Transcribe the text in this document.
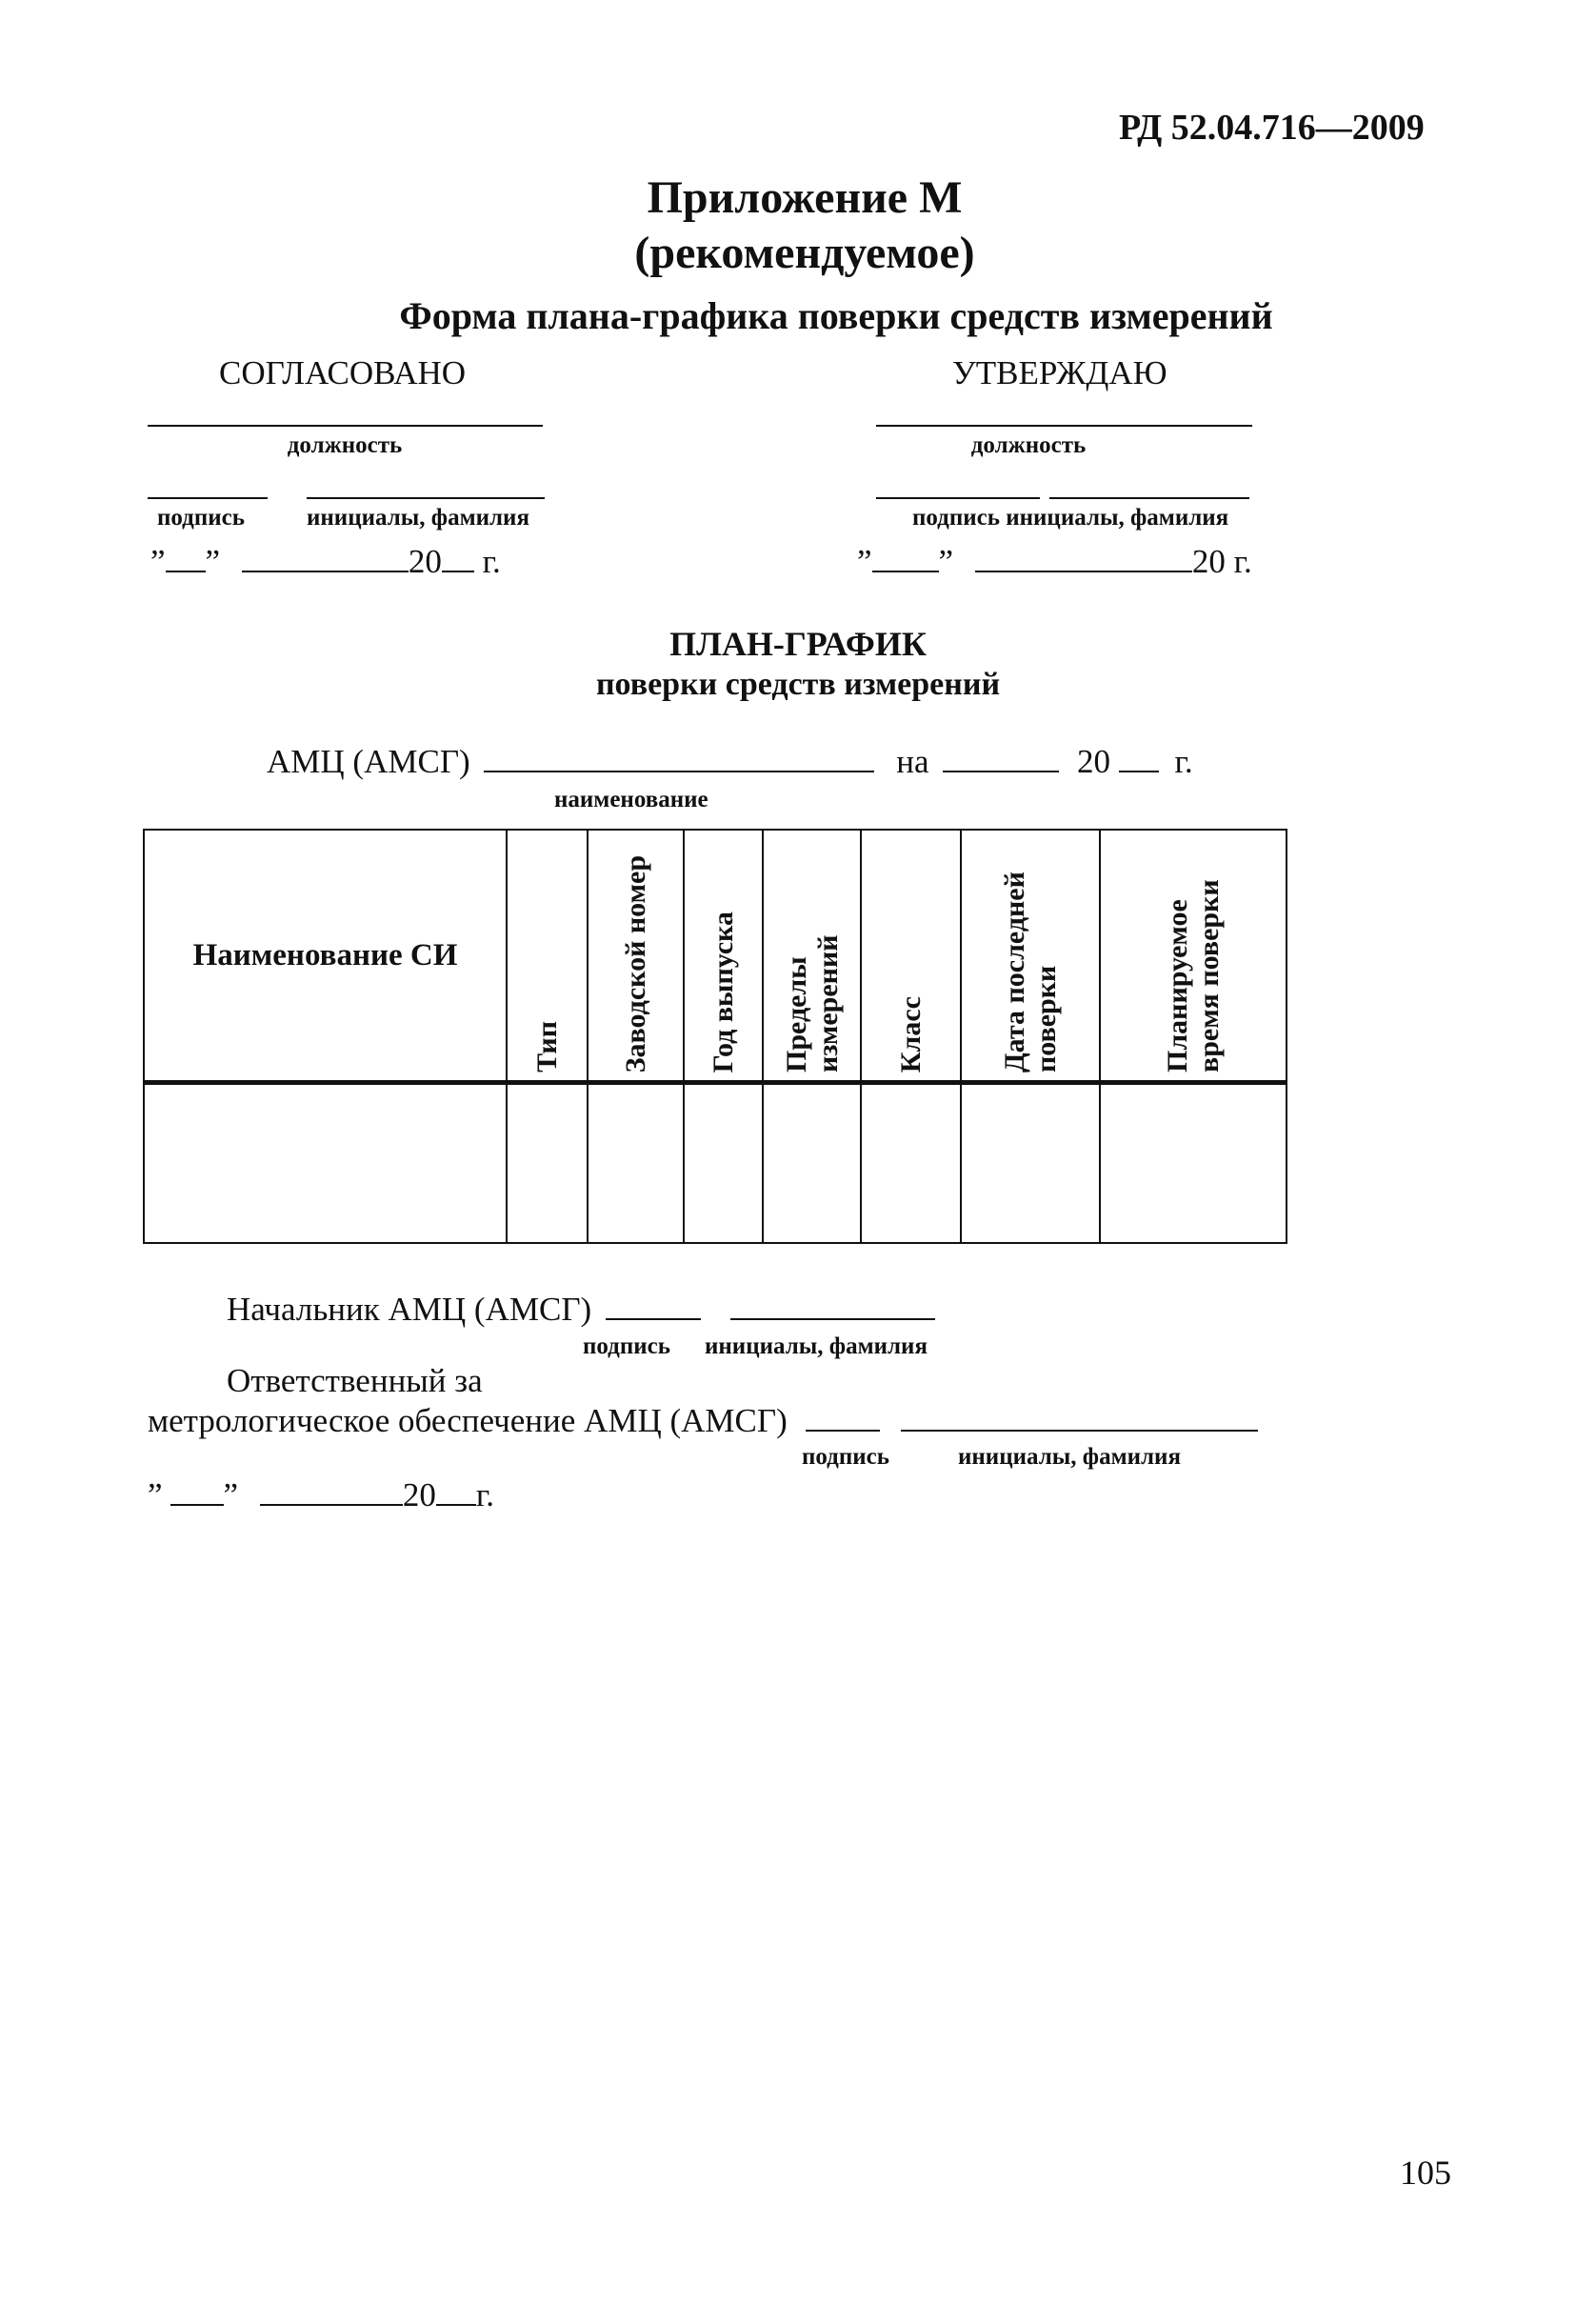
РД 52.04.716—2009
Приложение М
(рекомендуемое)
Форма плана-графика поверки средств измерений
СОГЛАСОВАНО
должность
подпись	инициалы, фамилия
” ”	20 г.
УТВЕРЖДАЮ
должность
подпись инициалы, фамилия
” ”	20 г.
ПЛАН-ГРАФИК
поверки средств измерений
АМЦ (АМСГ)	на	20 г.
наименование
Наименование СИ	Тип	Заводской номер	Год выпуска	Пределы измерений	Класс	Дата последней поверки	Планируемое время поверки

Начальник АМЦ (АМСГ)
подпись инициалы, фамилия
Ответственный за
метрологическое обеспечение АМЦ (АМСГ)
подпись	инициалы, фамилия
” ”	20 г.
105
